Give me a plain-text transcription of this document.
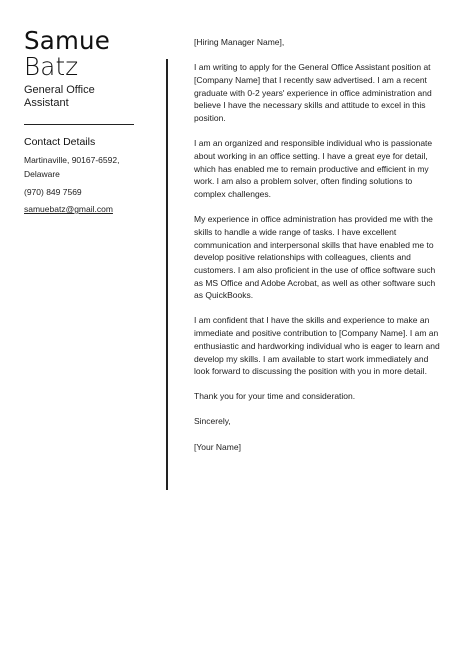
Samue
Batz
General Office Assistant
Contact Details
Martinaville, 90167-6592,
Delaware
(970) 849 7569
samuebatz@gmail.com

[Hiring Manager Name],

I am writing to apply for the General Office Assistant position at [Company Name] that I recently saw advertised. I am a recent graduate with 0-2 years' experience in office administration and believe I have the necessary skills and attitude to excel in this position.

I am an organized and responsible individual who is passionate about working in an office setting. I have a great eye for detail, which has enabled me to remain productive and efficient in my work. I am also a problem solver, often finding solutions to complex challenges.

My experience in office administration has provided me with the skills to handle a wide range of tasks. I have excellent communication and interpersonal skills that have enabled me to develop positive relationships with colleagues, clients and customers. I am also proficient in the use of office software such as MS Office and Adobe Acrobat, as well as other software such as QuickBooks.

I am confident that I have the skills and experience to make an immediate and positive contribution to [Company Name]. I am an enthusiastic and hardworking individual who is eager to learn and develop my skills. I am available to start work immediately and look forward to discussing the position with you in more detail.

Thank you for your time and consideration.

Sincerely,

[Your Name]
